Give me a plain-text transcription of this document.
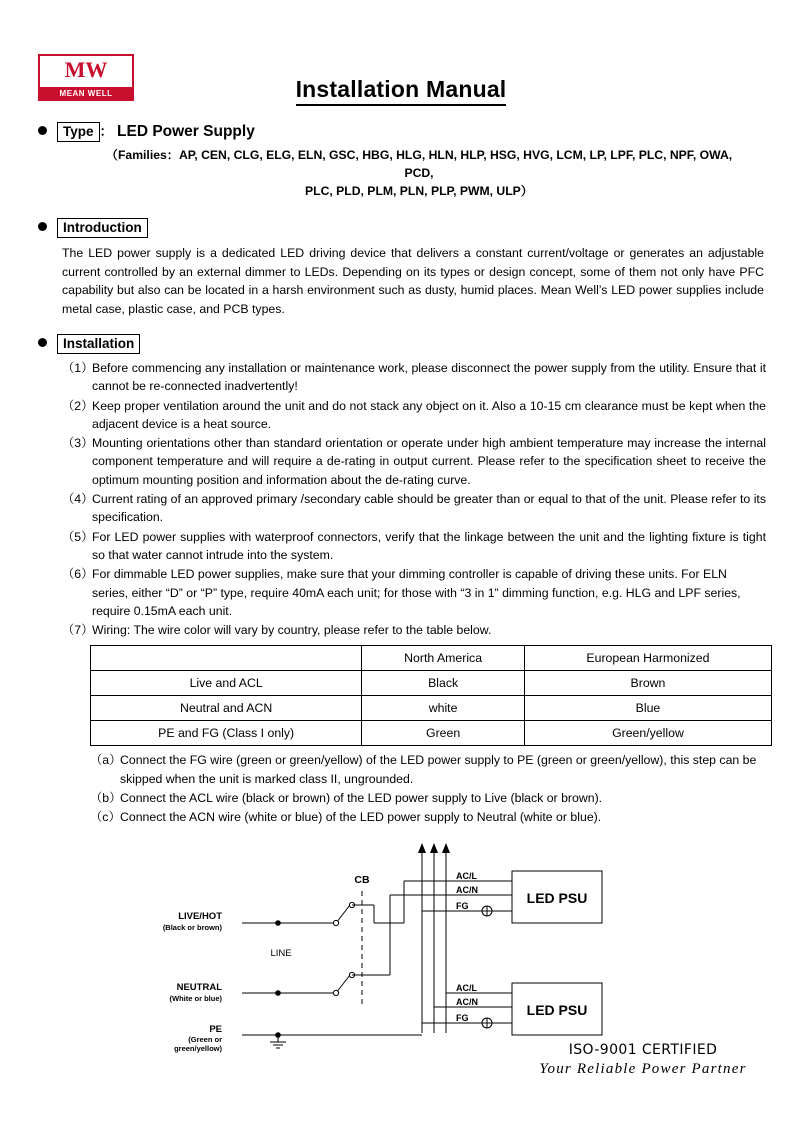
MW
MEAN WELL	Installation Manual
Type ： LED Power Supply
（Families：AP, CEN, CLG, ELG, ELN, GSC, HBG, HLG, HLN, HLP, HSG, HVG, LCM, LP, LPF, PLC, NPF, OWA, PCD,
PLC, PLD, PLM, PLN, PLP, PWM, ULP）
Introduction
The LED power supply is a dedicated LED driving device that delivers a constant current/voltage or generates an adjustable current controlled by an external dimmer to LEDs. Depending on its types or design concept, some of them not only have PFC capability but also can be located in a harsh environment such as dusty, humid places. Mean Well’s LED power supplies include metal case, plastic case, and PCB types.
Installation
（1）
Before commencing any installation or maintenance work, please disconnect the power supply from the utility. Ensure that it cannot be re-connected inadvertently!
（2）
Keep proper ventilation around the unit and do not stack any object on it. Also a 10-15 cm clearance must be kept when the adjacent device is a heat source.
（3）
Mounting orientations other than standard orientation or operate under high ambient temperature may increase the internal component temperature and will require a de-rating in output current. Please refer to the specification sheet to receive the optimum mounting position and information about the de-rating curve.
（4）
Current rating of an approved primary /secondary cable should be greater than or equal to that of the unit. Please refer to its specification.
（5）
For LED power supplies with waterproof connectors, verify that the linkage between the unit and the lighting fixture is tight so that water cannot intrude into the system.
（6）
For dimmable LED power supplies, make sure that your dimming controller is capable of driving these units. For ELN series, either “D” or “P” type, require 40mA each unit; for those with “3 in 1” dimming function, e.g. HLG and LPF series, require 0.15mA each unit.
（7）
Wiring: The wire color will vary by country, please refer to the table below.
	North America	European Harmonized
Live and ACL	Black	Brown
Neutral and ACN	white	Blue
PE and FG (Class I only)	Green	Green/yellow
（a）
Connect the FG wire (green or green/yellow) of the LED power supply to PE (green or green/yellow), this step can be skipped when the unit is marked class II, ungrounded.
（b）
Connect the ACL wire (black or brown) of the LED power supply to Live (black or brown).
（c） Connect the ACN wire (white or blue) of the LED power supply to Neutral (white or blue).
CB
LINE
LIVE/HOT
(Black or brown)
NEUTRAL
(White or blue)
PE
(Green or
green/yellow)
AC/L
AC/N
FG
AC/L
AC/N
FG
LED PSU
LED PSU
ISO-9001 CERTIFIED
Your Reliable Power Partner
